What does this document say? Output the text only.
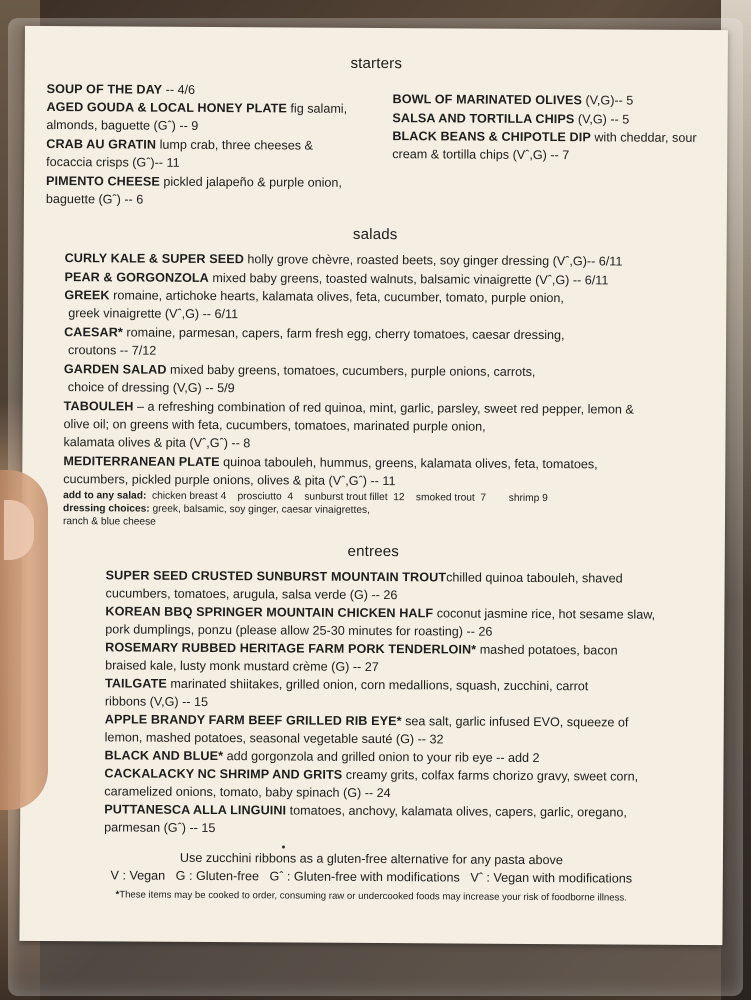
starters
SOUP OF THE DAY -- 4/6
AGED GOUDA & LOCAL HONEY PLATE fig salami,
almonds, baguette (Gˆ) -- 9
CRAB AU GRATIN lump crab, three cheeses &
focaccia crisps (Gˆ)-- 11
PIMENTO CHEESE pickled jalapeño & purple onion,
baguette (Gˆ) -- 6
BOWL OF MARINATED OLIVES (V,G)-- 5
SALSA AND TORTILLA CHIPS (V,G) -- 5
BLACK BEANS & CHIPOTLE DIP with cheddar, sour
cream & tortilla chips (Vˆ,G) -- 7
salads
CURLY KALE & SUPER SEED holly grove chèvre, roasted beets, soy ginger dressing (Vˆ,G)-- 6/11
PEAR & GORGONZOLA mixed baby greens, toasted walnuts, balsamic vinaigrette (Vˆ,G) -- 6/11
GREEK romaine, artichoke hearts, kalamata olives, feta, cucumber, tomato, purple onion,
greek vinaigrette (Vˆ,G) -- 6/11
CAESAR* romaine, parmesan, capers, farm fresh egg, cherry tomatoes, caesar dressing,
croutons -- 7/12
GARDEN SALAD mixed baby greens, tomatoes, cucumbers, purple onions, carrots,
choice of dressing (V,G) -- 5/9
TABOULEH – a refreshing combination of red quinoa, mint, garlic, parsley, sweet red pepper, lemon &
olive oil; on greens with feta, cucumbers, tomatoes, marinated purple onion,
kalamata olives & pita (Vˆ,Gˆ) -- 8
MEDITERRANEAN PLATE quinoa tabouleh, hummus, greens, kalamata olives, feta, tomatoes,
cucumbers, pickled purple onions, olives & pita (Vˆ,Gˆ) -- 11
add to any salad:  chicken breast 4    prosciutto  4    sunburst trout fillet  12    smoked trout  7        shrimp 9
dressing choices: greek, balsamic, soy ginger, caesar vinaigrettes,
ranch & blue cheese
entrees
SUPER SEED CRUSTED SUNBURST MOUNTAIN TROUTchilled quinoa tabouleh, shaved
cucumbers, tomatoes, arugula, salsa verde (G) -- 26
KOREAN BBQ SPRINGER MOUNTAIN CHICKEN HALF coconut jasmine rice, hot sesame slaw,
pork dumplings, ponzu (please allow 25-30 minutes for roasting) -- 26
ROSEMARY RUBBED HERITAGE FARM PORK TENDERLOIN* mashed potatoes, bacon
braised kale, lusty monk mustard crème (G) -- 27
TAILGATE marinated shiitakes, grilled onion, corn medallions, squash, zucchini, carrot
ribbons (V,G) -- 15
APPLE BRANDY FARM BEEF GRILLED RIB EYE* sea salt, garlic infused EVO, squeeze of
lemon, mashed potatoes, seasonal vegetable sauté (G) -- 32
BLACK AND BLUE* add gorgonzola and grilled onion to your rib eye -- add 2
CACKALACKY NC SHRIMP AND GRITS creamy grits, colfax farms chorizo gravy, sweet corn,
caramelized onions, tomato, baby spinach (G) -- 24
PUTTANESCA ALLA LINGUINI tomatoes, anchovy, kalamata olives, capers, garlic, oregano,
parmesan (Gˆ) -- 15
Use zucchini ribbons as a gluten-free alternative for any pasta above
V : Vegan   G : Gluten-free   Gˆ : Gluten-free with modifications   Vˆ : Vegan with modifications
*These items may be cooked to order, consuming raw or undercooked foods may increase your risk of foodborne illness.
